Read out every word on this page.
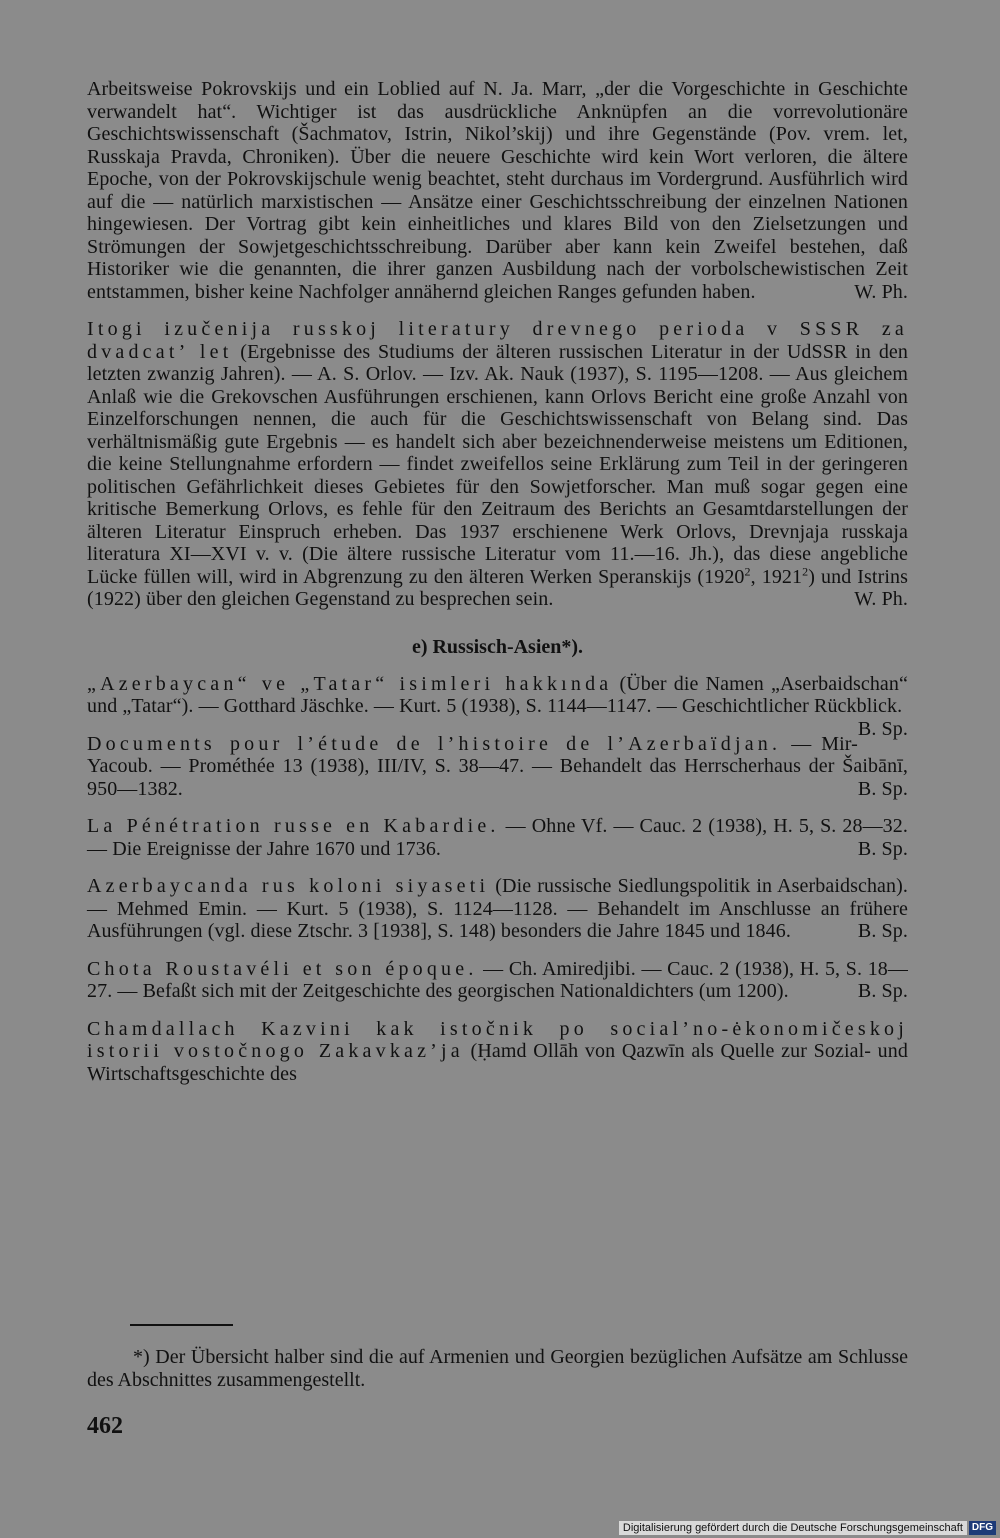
Arbeitsweise Pokrovskijs und ein Loblied auf N. Ja. Marr, „der die Vorgeschichte in Geschichte verwandelt hat“. Wichtiger ist das ausdrückliche Anknüpfen an die vorrevolutionäre Geschichtswissenschaft (Šachmatov, Istrin, Nikol’skij) und ihre Gegenstände (Pov. vrem. let, Russkaja Pravda, Chroniken). Über die neuere Geschichte wird kein Wort verloren, die ältere Epoche, von der Pokrovskijschule wenig beachtet, steht durchaus im Vordergrund. Ausführlich wird auf die — natürlich marxistischen — Ansätze einer Geschichtsschreibung der einzelnen Nationen hingewiesen. Der Vortrag gibt kein einheitliches und klares Bild von den Zielsetzungen und Strömungen der Sowjetgeschichtsschreibung. Darüber aber kann kein Zweifel bestehen, daß Historiker wie die genannten, die ihrer ganzen Ausbildung nach der vorbolschewistischen Zeit entstammen, bisher keine Nachfolger annähernd gleichen Ranges gefunden haben.	W. Ph.

Itogi izučenija russkoj literatury drevnego perioda v SSSR za dvadcat’ let (Ergebnisse des Studiums der älteren russischen Literatur in der UdSSR in den letzten zwanzig Jahren). — A. S. Orlov. — Izv. Ak. Nauk (1937), S. 1195—1208. — Aus gleichem Anlaß wie die Grekovschen Ausführungen erschienen, kann Orlovs Bericht eine große Anzahl von Einzelforschungen nennen, die auch für die Geschichtswissenschaft von Belang sind. Das verhältnismäßig gute Ergebnis — es handelt sich aber bezeichnenderweise meistens um Editionen, die keine Stellungnahme erfordern — findet zweifellos seine Erklärung zum Teil in der geringeren politischen Gefährlichkeit dieses Gebietes für den Sowjetforscher. Man muß sogar gegen eine kritische Bemerkung Orlovs, es fehle für den Zeitraum des Berichts an Gesamtdarstellungen der älteren Literatur Einspruch erheben. Das 1937 erschienene Werk Orlovs, Drevnjaja russkaja literatura XI—XVI v. v. (Die ältere russische Literatur vom 11.—16. Jh.), das diese angebliche Lücke füllen will, wird in Abgrenzung zu den älteren Werken Speranskijs (1920$^2$, 1921$^2$) und Istrins (1922) über den gleichen Gegenstand zu besprechen sein.	W. Ph.

e) Russisch-Asien*).

„Azerbaycan“ ve „Tatar“ isimleri hakkında (Über die Namen „Aserbaidschan“ und „Tatar“). — Gotthard Jäschke. — Kurt. 5 (1938), S. 1144—1147. — Geschichtlicher Rückblick.
B. Sp.

Documents pour l’étude de l’histoire de l’Azerbaïdjan. — Mir-Yacoub. — Prométhée 13 (1938), III/IV, S. 38—47. — Behandelt das Herrscherhaus der Šaibānī, 950—1382.	B. Sp.

La Pénétration russe en Kabardie. — Ohne Vf. — Cauc. 2 (1938), H. 5, S. 28—32. — Die Ereignisse der Jahre 1670 und 1736.	B. Sp.

Azerbaycanda rus koloni siyaseti (Die russische Siedlungspolitik in Aserbaidschan). — Mehmed Emin. — Kurt. 5 (1938), S. 1124—1128. — Behandelt im Anschlusse an frühere Ausführungen (vgl. diese Ztschr. 3 [1938], S. 148) besonders die Jahre 1845 und 1846.	B. Sp.

Chota Roustavéli et son époque. — Ch. Amiredjibi. — Cauc. 2 (1938), H. 5, S. 18—27. — Befaßt sich mit der Zeitgeschichte des georgischen Nationaldichters (um 1200).	B. Sp.

Chamdallach Kazvini kak istočnik po social’no-ėkonomičeskoj istorii vostočnogo Zakavkaz’ja (Ḥamd Ollāh von Qazwīn als Quelle zur Sozial- und Wirtschaftsgeschichte des

*) Der Übersicht halber sind die auf Armenien und Georgien bezüglichen Aufsätze am Schlusse des Abschnittes zusammengestellt.

462
Digitalisierung gefördert durch die Deutsche Forschungsgemeinschaft DFG
